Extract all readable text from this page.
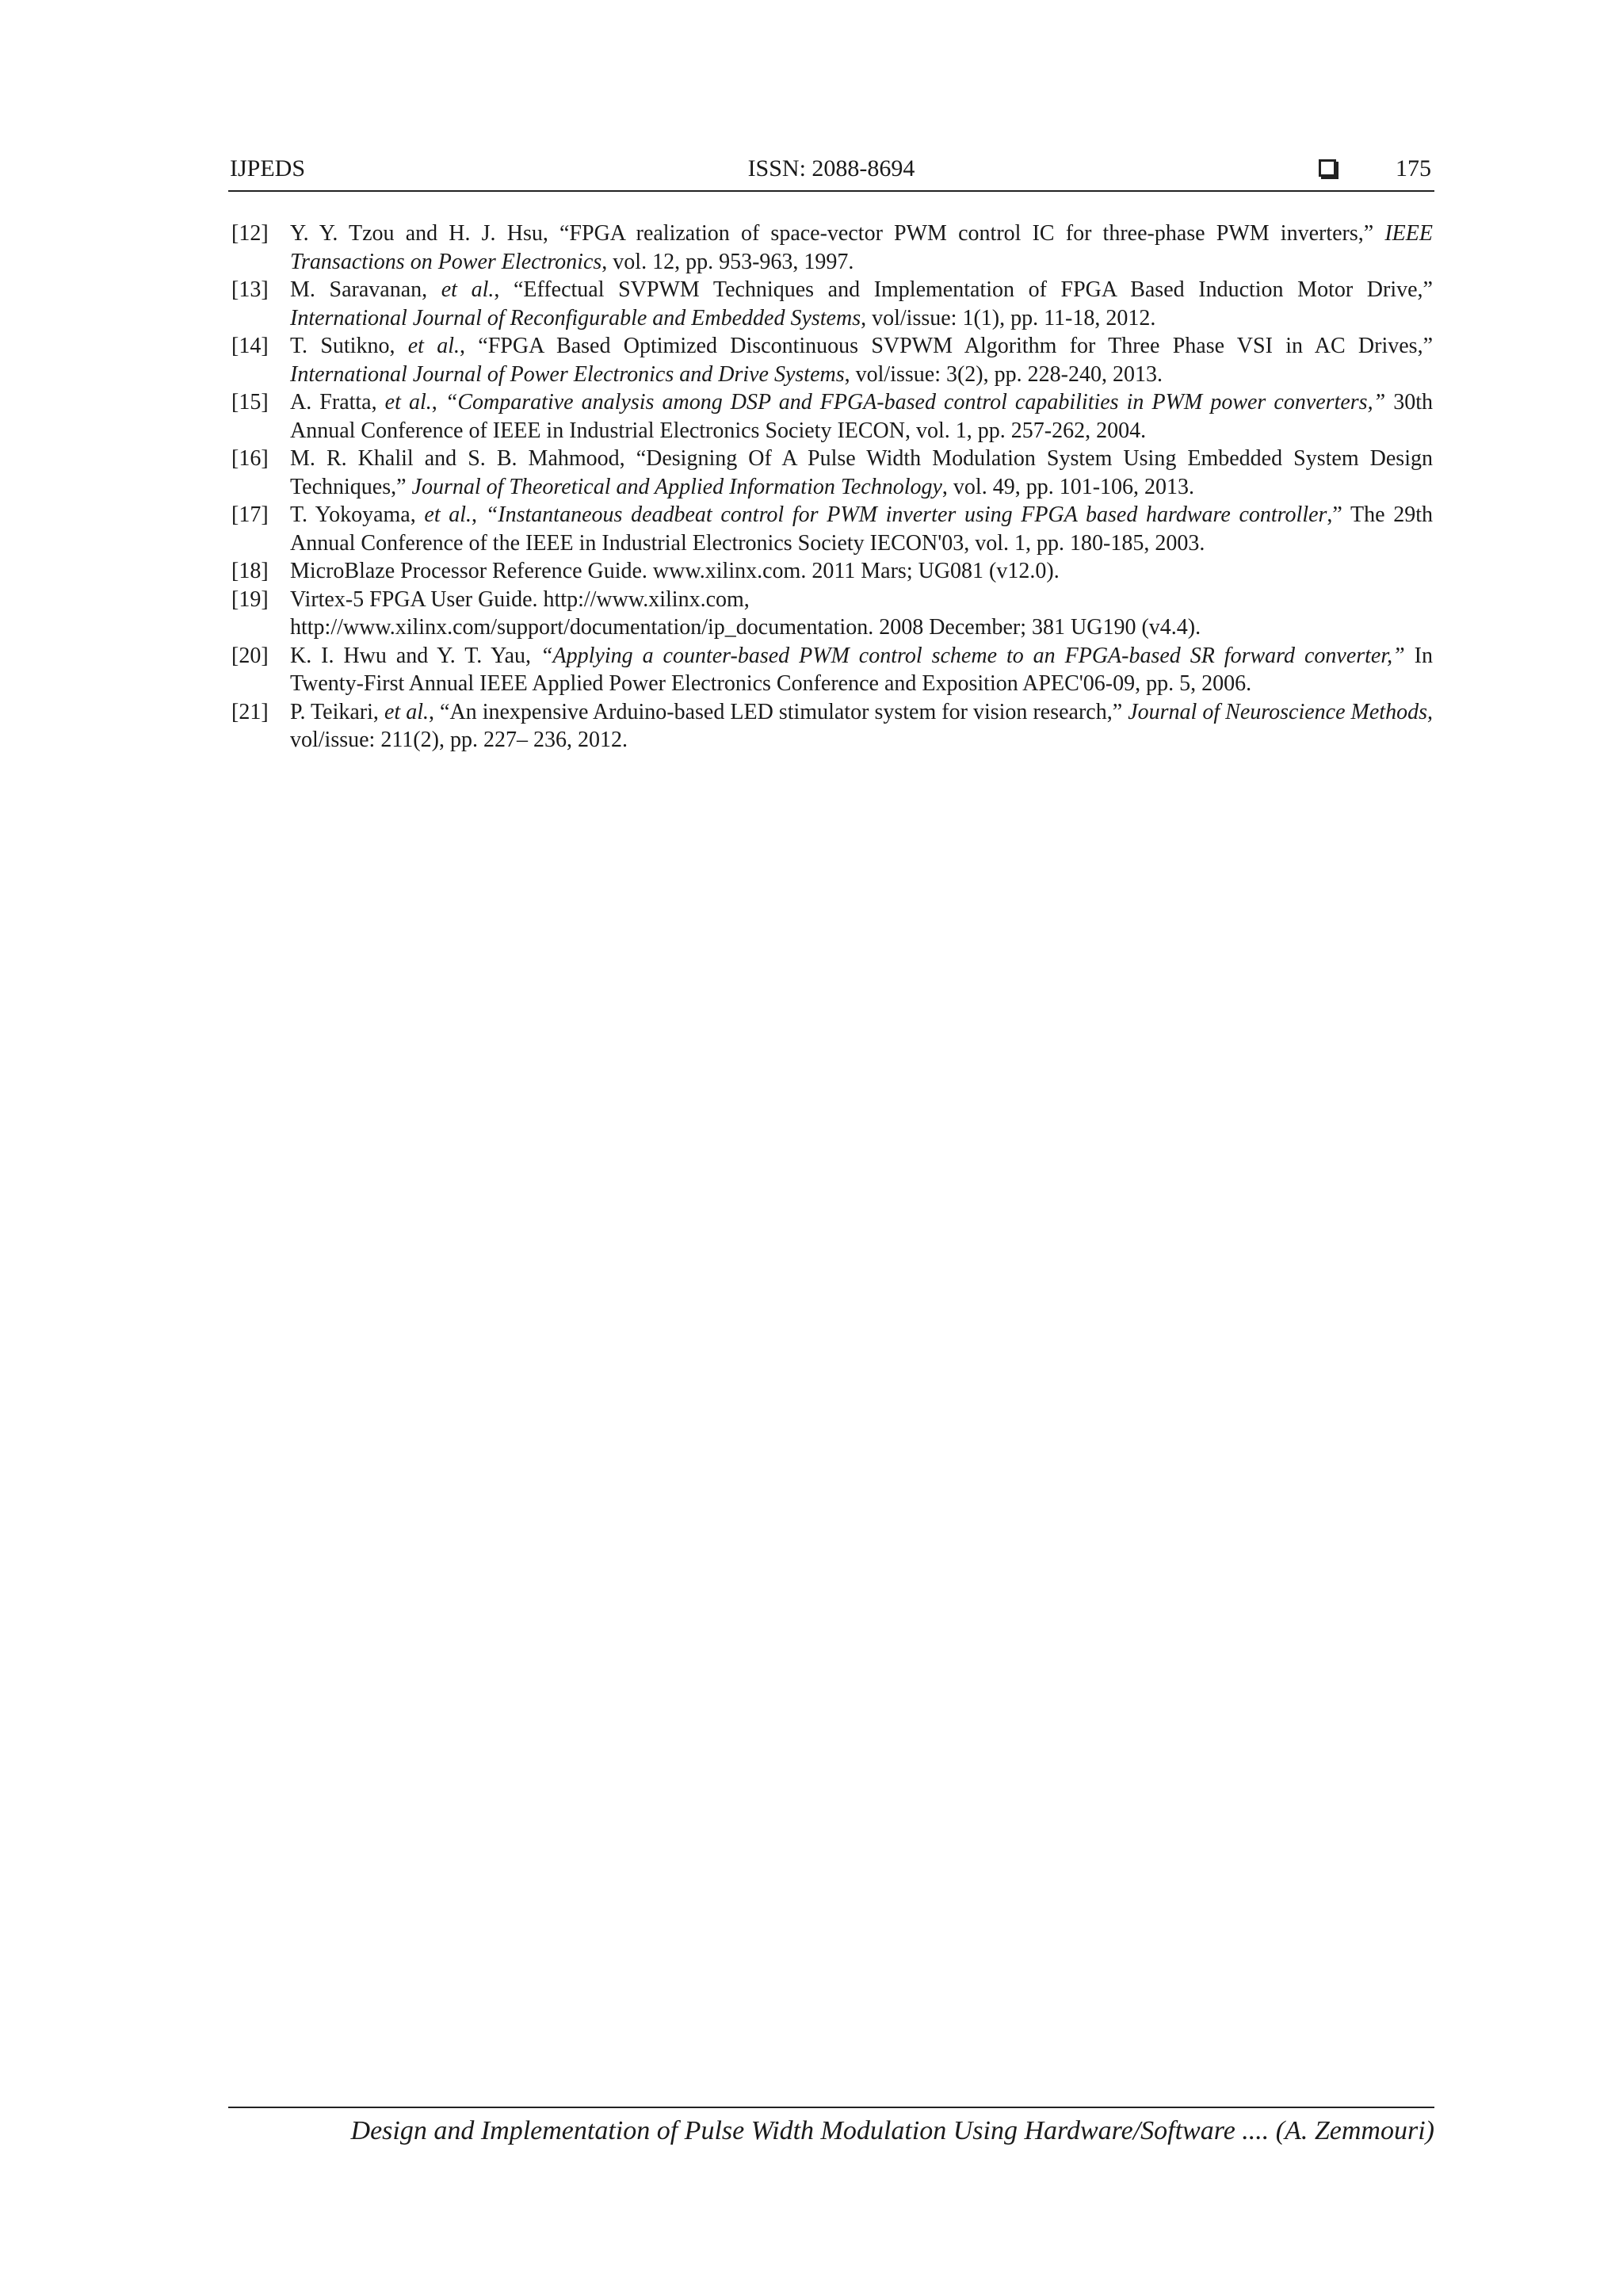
IJPEDS	ISSN: 2088-8694	175
[12] Y. Y. Tzou and H. J. Hsu, “FPGA realization of space-vector PWM control IC for three-phase PWM inverters,” IEEE Transactions on Power Electronics, vol. 12, pp. 953-963, 1997.
[13] M. Saravanan, et al., “Effectual SVPWM Techniques and Implementation of FPGA Based Induction Motor Drive,” International Journal of Reconfigurable and Embedded Systems, vol/issue: 1(1), pp. 11-18, 2012.
[14] T. Sutikno, et al., “FPGA Based Optimized Discontinuous SVPWM Algorithm for Three Phase VSI in AC Drives,” International Journal of Power Electronics and Drive Systems, vol/issue: 3(2), pp. 228-240, 2013.
[15] A. Fratta, et al., “Comparative analysis among DSP and FPGA-based control capabilities in PWM power converters,” 30th Annual Conference of IEEE in Industrial Electronics Society IECON, vol. 1, pp. 257-262, 2004.
[16] M. R. Khalil and S. B. Mahmood, “Designing Of A Pulse Width Modulation System Using Embedded System Design Techniques,” Journal of Theoretical and Applied Information Technology, vol. 49, pp. 101-106, 2013.
[17] T. Yokoyama, et al., “Instantaneous deadbeat control for PWM inverter using FPGA based hardware controller,” The 29th Annual Conference of the IEEE in Industrial Electronics Society IECON'03, vol. 1, pp. 180-185, 2003.
[18] MicroBlaze Processor Reference Guide. www.xilinx.com. 2011 Mars; UG081 (v12.0).
[19] Virtex-5 FPGA User Guide. http://www.xilinx.com,
http://www.xilinx.com/support/documentation/ip_documentation. 2008 December; 381 UG190 (v4.4).
[20] K. I. Hwu and Y. T. Yau, “Applying a counter-based PWM control scheme to an FPGA-based SR forward converter,” In Twenty-First Annual IEEE Applied Power Electronics Conference and Exposition APEC'06-09, pp. 5, 2006.
[21] P. Teikari, et al., “An inexpensive Arduino-based LED stimulator system for vision research,” Journal of Neuroscience Methods, vol/issue: 211(2), pp. 227– 236, 2012.
Design and Implementation of Pulse Width Modulation Using Hardware/Software .... (A. Zemmouri)
